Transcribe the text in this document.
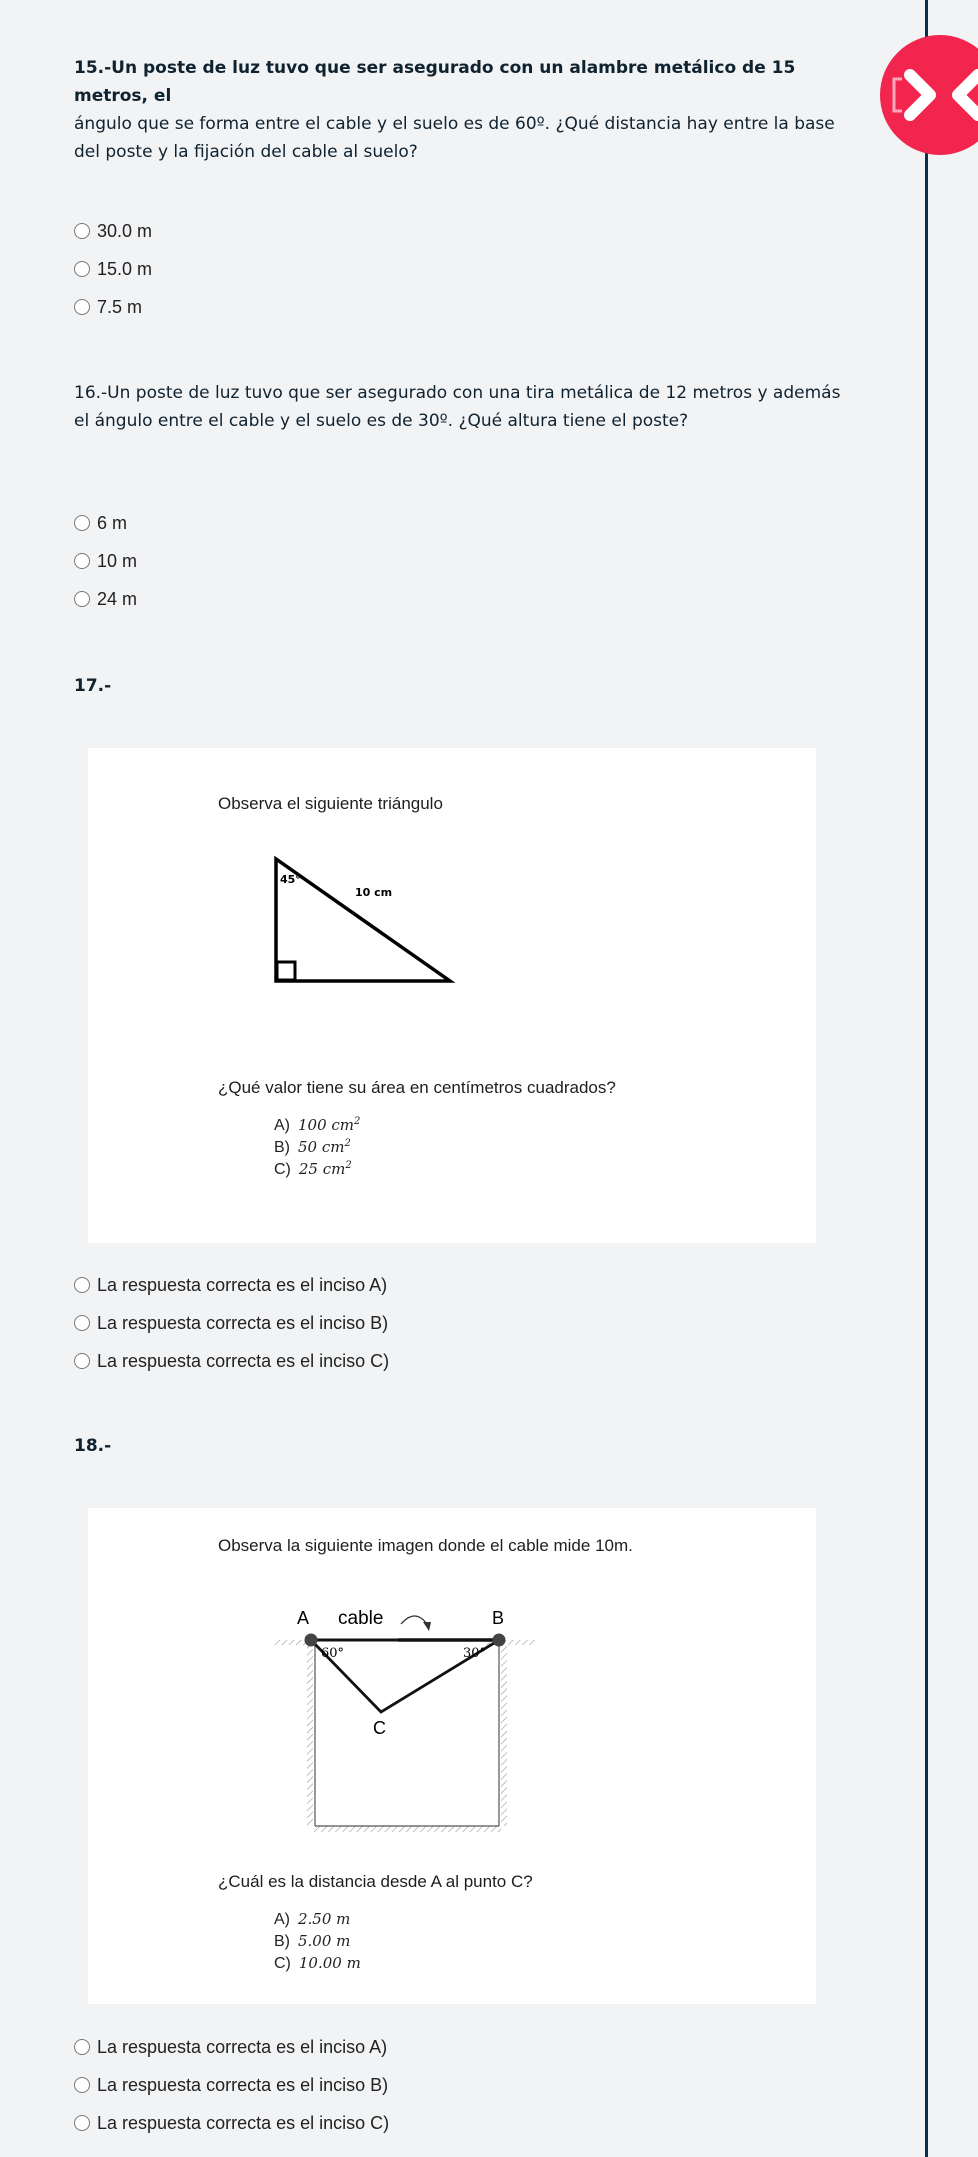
15.-Un poste de luz tuvo que ser asegurado con un alambre metálico de 15 metros, el
ángulo que se forma entre el cable y el suelo es de 60º. ¿Qué distancia hay entre la base
del poste y la fijación del cable al suelo?
30.0 m
15.0 m
7.5 m
16.-Un poste de luz tuvo que ser asegurado con una tira metálica de 12 metros y además
el ángulo entre el cable y el suelo es de 30º. ¿Qué altura tiene el poste?
6 m
10 m
24 m
17.-
Observa el siguiente triángulo
45°
10 cm
¿Qué valor tiene su área en centímetros cuadrados?
A) 100 $cm^2$
B) 50 $cm^2$
C) 25 $cm^2$
La respuesta correcta es el inciso A)
La respuesta correcta es el inciso B)
La respuesta correcta es el inciso C)
18.-
Observa la siguiente imagen donde el cable mide 10m.
A	B
C
cable
60°	30°
¿Cuál es la distancia desde A al punto C?
A) 2.50 m
B) 5.00 m
C) 10.00 m
La respuesta correcta es el inciso A)
La respuesta correcta es el inciso B)
La respuesta correcta es el inciso C)
